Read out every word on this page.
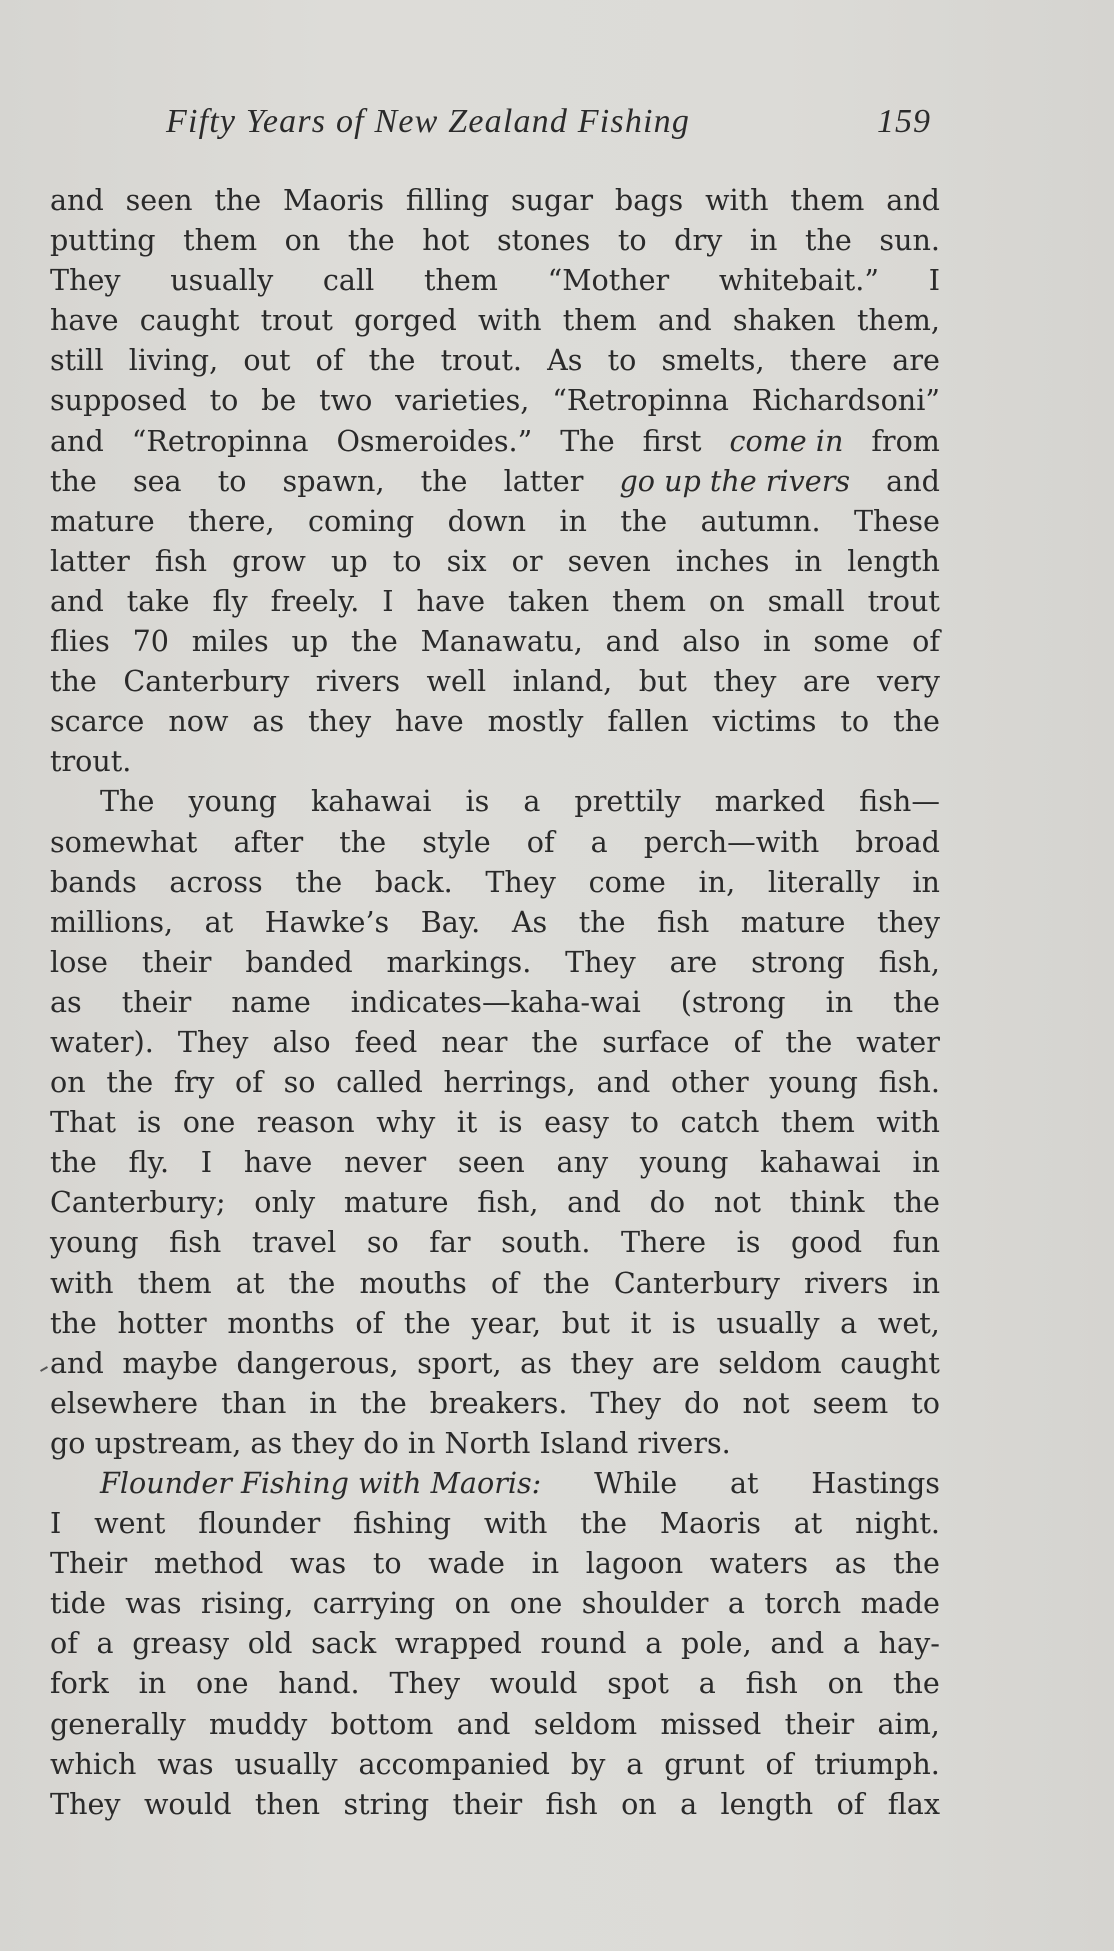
Fifty Years of New Zealand Fishing	159
and seen the Maoris filling sugar bags with them and
putting them on the hot stones to dry in the sun.
They usually call them “Mother whitebait.” I
have caught trout gorged with them and shaken them,
still living, out of the trout. As to smelts, there are
supposed to be two varieties, “Retropinna Richardsoni”
and “Retropinna Osmeroides.” The first come in from
the sea to spawn, the latter go up the rivers and
mature there, coming down in the autumn. These
latter fish grow up to six or seven inches in length
and take fly freely. I have taken them on small trout
flies 70 miles up the Manawatu, and also in some of
the Canterbury rivers well inland, but they are very
scarce now as they have mostly fallen victims to the
trout.
The young kahawai is a prettily marked fish—
somewhat after the style of a perch—with broad
bands across the back. They come in, literally in
millions, at Hawke’s Bay. As the fish mature they
lose their banded markings. They are strong fish,
as their name indicates—kaha-wai (strong in the
water). They also feed near the surface of the water
on the fry of so called herrings, and other young fish.
That is one reason why it is easy to catch them with
the fly. I have never seen any young kahawai in
Canterbury; only mature fish, and do not think the
young fish travel so far south. There is good fun
with them at the mouths of the Canterbury rivers in
the hotter months of the year, but it is usually a wet,
and maybe dangerous, sport, as they are seldom caught
elsewhere than in the breakers. They do not seem to
go upstream, as they do in North Island rivers.
Flounder Fishing with Maoris: While at Hastings
I went flounder fishing with the Maoris at night.
Their method was to wade in lagoon waters as the
tide was rising, carrying on one shoulder a torch made
of a greasy old sack wrapped round a pole, and a hay-
fork in one hand. They would spot a fish on the
generally muddy bottom and seldom missed their aim,
which was usually accompanied by a grunt of triumph.
They would then string their fish on a length of flax
